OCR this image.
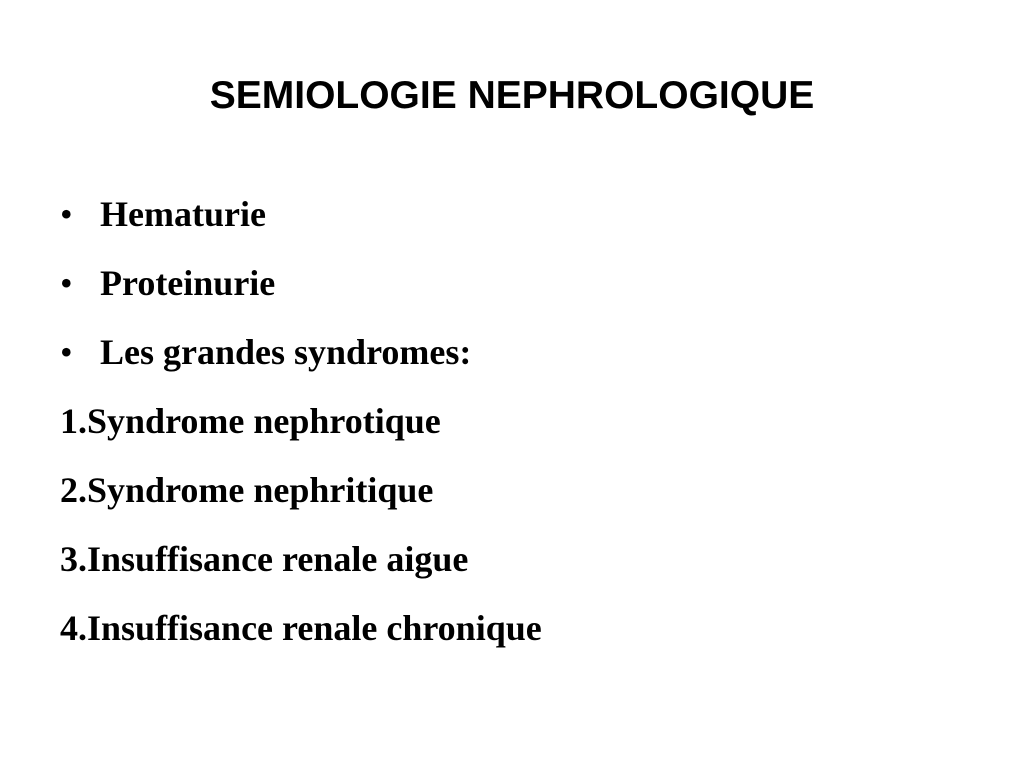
SEMIOLOGIE NEPHROLOGIQUE
• Hematurie
• Proteinurie
• Les grandes syndromes:
1. Syndrome nephrotique
2. Syndrome nephritique
3. Insuffisance renale aigue
4. Insuffisance renale chronique
